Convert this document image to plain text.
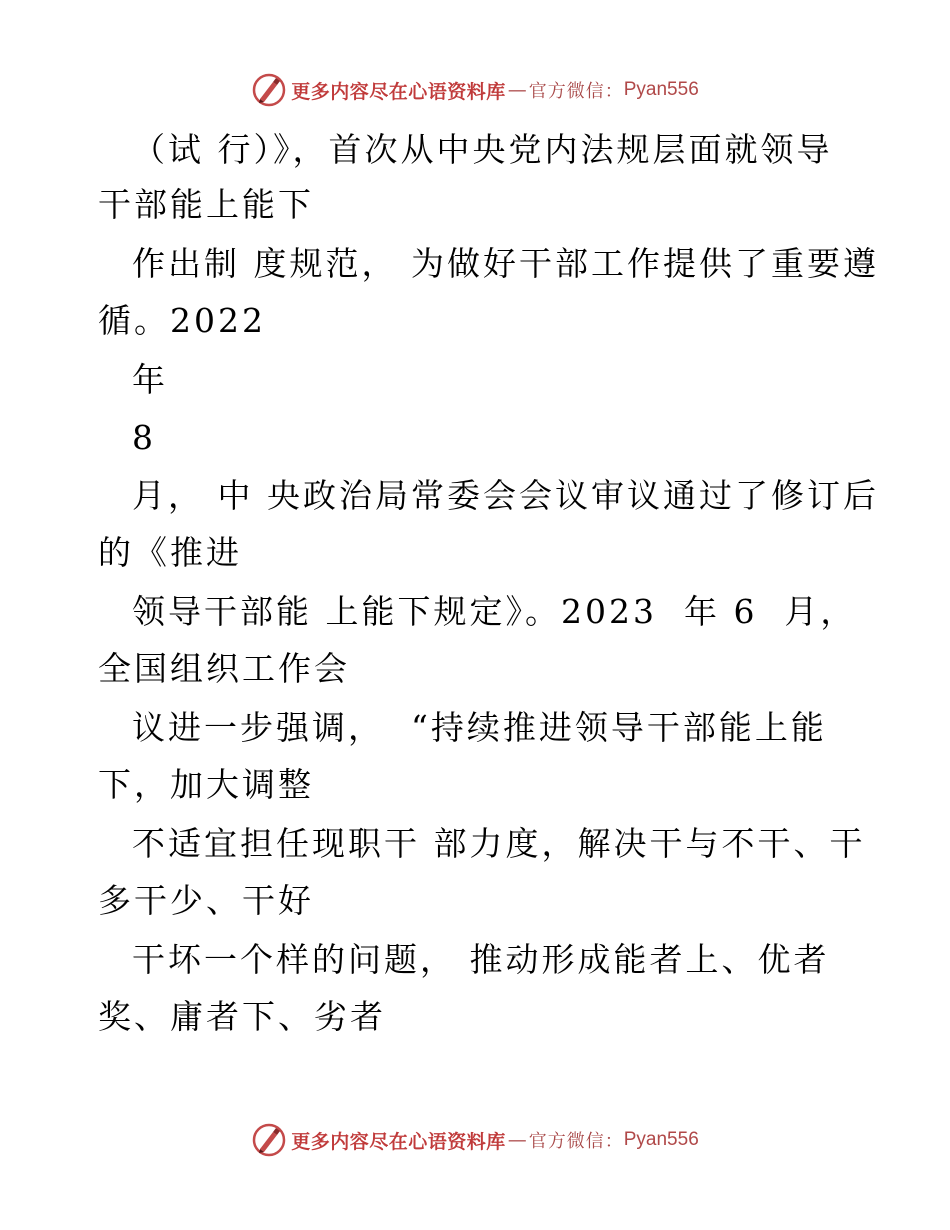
更多内容尽在心语资料库 — 官方微信： Pyan556
（试 行）》，首次从中央党内法规层面就领导
干部能上能下
作出制 度规范， 为做好干部工作提供了重要遵
循。2022
年
8
月， 中 央政治局常委会会议审议通过了修订后
的《推进
领导干部能 上能下规定》。2023  年 6  月，
全国组织工作会
议进一步强调，  “持续推进领导干部能上能
下，加大调整
不适宜担任现职干 部力度，解决干与不干、干
多干少、干好
干坏一个样的问题， 推动形成能者上、优者
奖、庸者下、劣者
更多内容尽在心语资料库 — 官方微信： Pyan556
